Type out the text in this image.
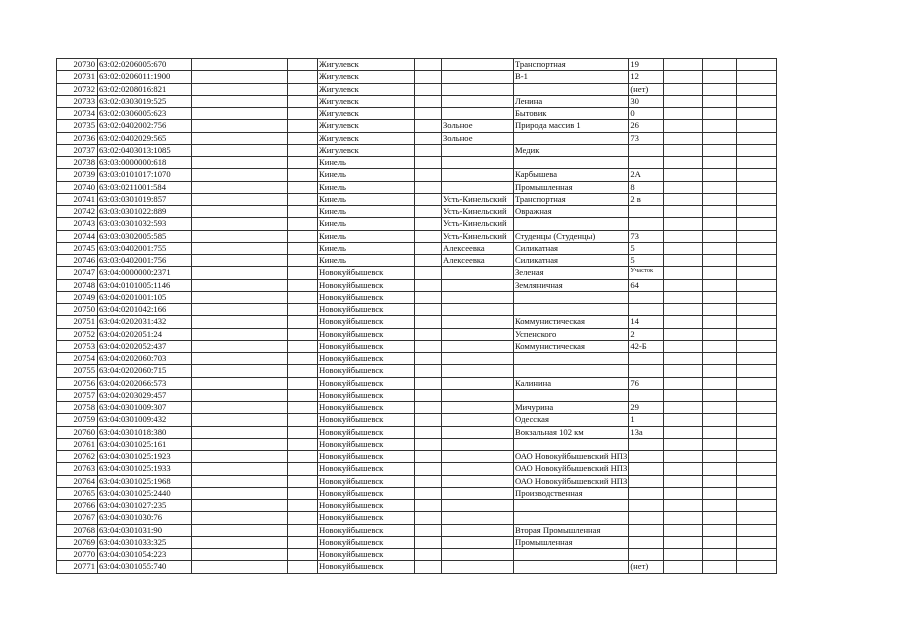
20730	63:02:0206005:670			Жигулевск			Транспортная	19			
20731	63:02:0206011:1900			Жигулевск			В-1	12			
20732	63:02:0208016:821			Жигулевск				(нет)			
20733	63:02:0303019:525			Жигулевск			Ленина	30			
20734	63:02:0306005:623			Жигулевск			Бытовик	0			
20735	63:02:0402002:756			Жигулевск		Зольное	Природа массив 1	26			
20736	63:02:0402029:565			Жигулевск		Зольное		73			
20737	63:02:0403013:1085			Жигулевск			Медик				
20738	63:03:0000000:618			Кинель							
20739	63:03:0101017:1070			Кинель			Карбышева	2А			
20740	63:03:0211001:584			Кинель			Промышленная	8			
20741	63:03:0301019:857			Кинель		Усть-Кинельский	Транспортная	2 в			
20742	63:03:0301022:889			Кинель		Усть-Кинельский	Овражная				
20743	63:03:0301032:593			Кинель		Усть-Кинельский					
20744	63:03:0302005:585			Кинель		Усть-Кинельский	Студенцы (Студенцы)	73			
20745	63:03:0402001:755			Кинель		Алексеевка	Силикатная	5			
20746	63:03:0402001:756			Кинель		Алексеевка	Силикатная	5			
20747	63:04:0000000:2371			Новокуйбышевск			Зеленая	Участок			
20748	63:04:0101005:1146			Новокуйбышевск			Земляничная	64			
20749	63:04:0201001:105			Новокуйбышевск							
20750	63:04:0201042:166			Новокуйбышевск							
20751	63:04:0202031:432			Новокуйбышевск			Коммунистическая	14			
20752	63:04:0202051:24			Новокуйбышевск			Успенского	2			
20753	63:04:0202052:437			Новокуйбышевск			Коммунистическая	42-Б			
20754	63:04:0202060:703			Новокуйбышевск							
20755	63:04:0202060:715			Новокуйбышевск							
20756	63:04:0202066:573			Новокуйбышевск			Калинина	76			
20757	63:04:0203029:457			Новокуйбышевск							
20758	63:04:0301009:307			Новокуйбышевск			Мичурина	29			
20759	63:04:0301009:432			Новокуйбышевск			Одесская	1			
20760	63:04:0301018:380			Новокуйбышевск			Вокзальная 102 км	13а			
20761	63:04:0301025:161			Новокуйбышевск							
20762	63:04:0301025:1923			Новокуйбышевск			ОАО Новокуйбышевский НПЗ				
20763	63:04:0301025:1933			Новокуйбышевск			ОАО Новокуйбышевский НПЗ				
20764	63:04:0301025:1968			Новокуйбышевск			ОАО Новокуйбышевский НПЗ				
20765	63:04:0301025:2440			Новокуйбышевск			Производственная				
20766	63:04:0301027:235			Новокуйбышевск							
20767	63:04:0301030:76			Новокуйбышевск							
20768	63:04:0301031:90			Новокуйбышевск			Вторая Промышленная				
20769	63:04:0301033:325			Новокуйбышевск			Промышленная				
20770	63:04:0301054:223			Новокуйбышевск							
20771	63:04:0301055:740			Новокуйбышевск				(нет)			
